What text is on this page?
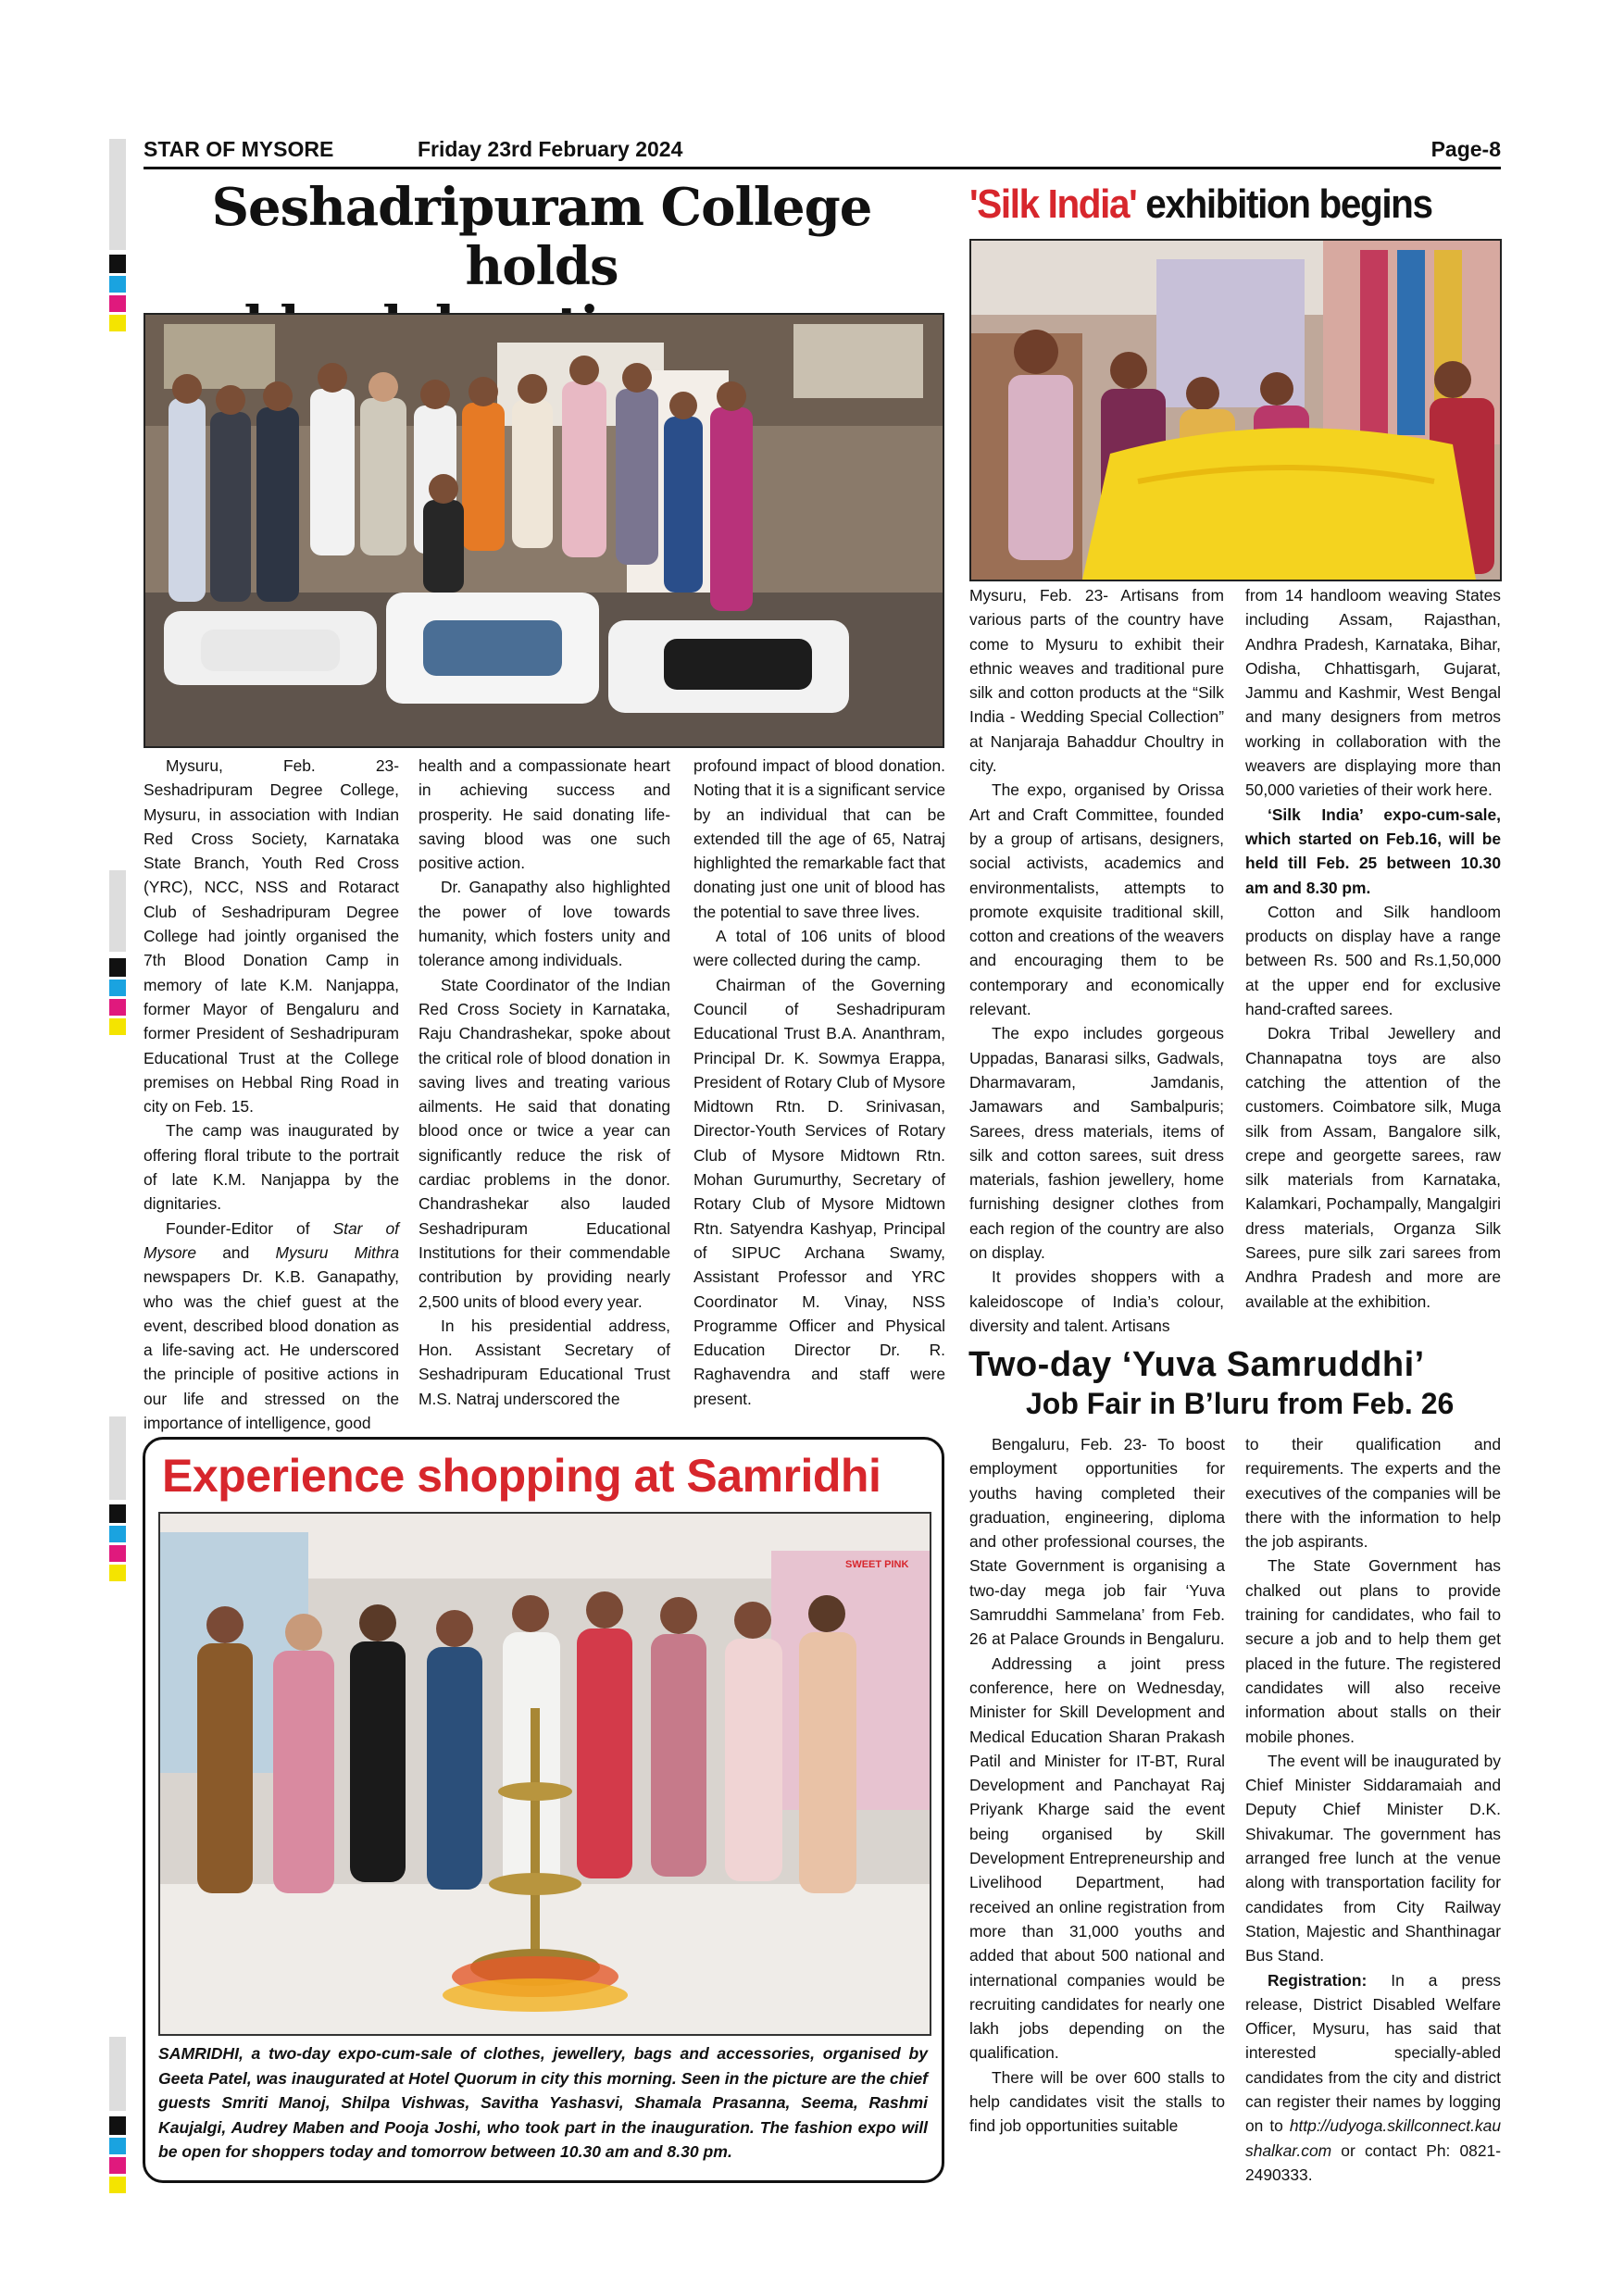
STAR OF MYSORE	Friday 23rd February 2024	Page-8
Seshadripuram College holds

Mysuru, Feb. 23- Seshadripuram Degree College, Mysuru, in association with Indian Red Cross Society, Karnataka State Branch, Youth Red Cross (YRC), NCC, NSS and Rotaract Club of Seshadripuram Degree College had jointly organised the 7th Blood Donation Camp in memory of late K.M. Nanjappa, former Mayor of Bengaluru and former President of Seshadripuram Educational Trust at the College premises on Hebbal Ring Road in city on Feb. 15.

The camp was inaugurated by offering floral tribute to the portrait of late K.M. Nanjappa by the dignitaries.

Founder-Editor of Star of Mysore and Mysuru Mithra newspapers Dr. K.B. Ganapathy, who was the chief guest at the event, described blood donation as a life-saving act. He underscored the principle of positive actions in our life and stressed on the importance of intelligence, good

health and a compassionate heart in achieving success and prosperity. He said donating life-saving blood was one such positive action.

Dr. Ganapathy also highlighted the power of love towards humanity, which fosters unity and tolerance among individuals.

State Coordinator of the Indian Red Cross Society in Karnataka, Raju Chandrashekar, spoke about the critical role of blood donation in saving lives and treating various ailments. He said that donating blood once or twice a year can significantly reduce the risk of cardiac problems in the donor. Chandrashekar also lauded Seshadripuram Educational Institutions for their commendable contribution by providing nearly 2,500 units of blood every year.

In his presidential address, Hon. Assistant Secretary of Seshadripuram Educational Trust M.S. Natraj underscored the

profound impact of blood donation. Noting that it is a significant service by an individual that can be extended till the age of 65, Natraj highlighted the remarkable fact that donating just one unit of blood has the potential to save three lives.

A total of 106 units of blood were collected during the camp.

Chairman of the Governing Council of Seshadripuram Educational Trust B.A. Ananthram, Principal Dr. K. Sowmya Erappa, President of Rotary Club of Mysore Midtown Rtn. D. Srinivasan, Director-Youth Services of Rotary Club of Mysore Midtown Rtn. Mohan Gurumurthy, Secretary of Rotary Club of Mysore Midtown Rtn. Satyendra Kashyap, Principal of SIPUC Archana Swamy, Assistant Professor and YRC Coordinator M. Vinay, NSS Programme Officer and Physical Education Director Dr. R. Raghavendra and staff were present.

'Silk India' exhibition begins

Mysuru, Feb. 23- Artisans from various parts of the country have come to Mysuru to exhibit their ethnic weaves and traditional pure silk and cotton products at the “Silk India - Wedding Special Collection” at Nanjaraja Bahaddur Choultry in city.

The expo, organised by Orissa Art and Craft Committee, founded by a group of artisans, designers, social activists, academics and environmentalists, attempts to promote exquisite traditional skill, cotton and creations of the weavers and encouraging them to be contemporary and economically relevant.

The expo includes gorgeous Uppadas, Banarasi silks, Gadwals, Dharmavaram, Jamdanis, Jamawars and Sambalpuris; Sarees, dress materials, items of silk and cotton sarees, suit dress materials, fashion jewellery, home furnishing designer clothes from each region of the country are also on display.

It provides shoppers with a kaleidoscope of India’s colour, diversity and talent. Artisans

from 14 handloom weaving States including Assam, Rajasthan, Andhra Pradesh, Karnataka, Bihar, Odisha, Chhattisgarh, Gujarat, Jammu and Kashmir, West Bengal and many designers from metros working in collaboration with the weavers are displaying more than 50,000 varieties of their work here.

‘Silk India’ expo-cum-sale, which started on Feb.16, will be held till Feb. 25 between 10.30 am and 8.30 pm.

Cotton and Silk handloom products on display have a range between Rs. 500 and Rs.1,50,000 at the upper end for exclusive hand-crafted sarees.

Dokra Tribal Jewellery and Channapatna toys are also catching the attention of the customers. Coimbatore silk, Muga silk from Assam, Bangalore silk, crepe and georgette sarees, raw silk materials from Karnataka, Kalamkari, Pochampally, Mangalgiri dress materials, Organza Silk Sarees, pure silk zari sarees from Andhra Pradesh and more are available at the exhibition.

Two-day ‘Yuva Samruddhi’
Job Fair in B’luru from Feb. 26

Bengaluru, Feb. 23- To boost employment opportunities for youths having completed their graduation, engineering, diploma and other professional courses, the State Government is organising a two-day mega job fair ‘Yuva Samruddhi Sammelana’ from Feb. 26 at Palace Grounds in Bengaluru.

Addressing a joint press conference, here on Wednesday, Minister for Skill Development and Medical Education Sharan Prakash Patil and Minister for IT-BT, Rural Development and Panchayat Raj Priyank Kharge said the event being organised by Skill Development Entrepreneurship and Livelihood Department, had received an online registration from more than 31,000 youths and added that about 500 national and international companies would be recruiting candidates for nearly one lakh jobs depending on the qualification.

There will be over 600 stalls to help candidates visit the stalls to find job opportunities suitable

to their qualification and requirements. The experts and the executives of the companies will be there with the information to help the job aspirants.

The State Government has chalked out plans to provide training for candidates, who fail to secure a job and to help them get placed in the future. The registered candidates will also receive information about stalls on their mobile phones.

The event will be inaugurated by Chief Minister Siddaramaiah and Deputy Chief Minister D.K. Shivakumar. The government has arranged free lunch at the venue along with transportation facility for candidates from City Railway Station, Majestic and Shanthinagar Bus Stand.

Registration: In a press release, District Disabled Welfare Officer, Mysuru, has said that interested specially-abled candidates from the city and district can register their names by logging on to http://udyoga.skillconnect.kaushalkar.com or contact Ph: 0821- 2490333.

Experience shopping at Samridhi
SWEET PINK
SAMRIDHI, a two-day expo-cum-sale of clothes, jewellery, bags and accessories, organised by Geeta Patel, was inaugurated at Hotel Quorum in city this morning. Seen in the picture are the chief guests Smriti Manoj, Shilpa Vishwas, Savitha Yashasvi, Shamala Prasanna, Seema, Rashmi Kaujalgi, Audrey Maben and Pooja Joshi, who took part in the inauguration. The fashion expo will be open for shoppers today and tomorrow between 10.30 am and 8.30 pm.
